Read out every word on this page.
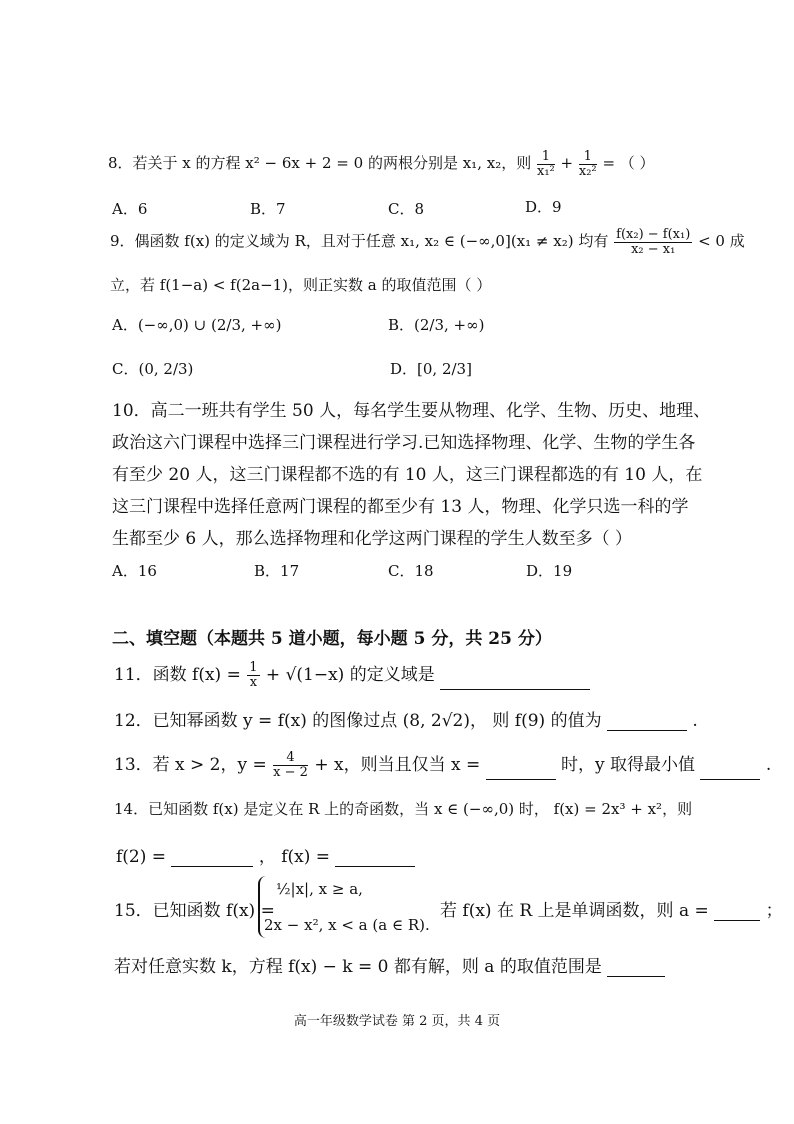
8．若关于 x 的方程 x² − 6x + 2 = 0 的两根分别是 x₁, x₂，则 $\frac{1}{\text{x₁²}} + \frac{1}{\text{x₂²}}$ = （ ）
A．6	B．7	C．8	D．9
9．偶函数 f(x) 的定义域为 R，且对于任意 x₁, x₂ ∈ (−∞,0](x₁ ≠ x₂) 均有 $\frac{\text{f(x₂) − f(x₁)}}{\text{x₂ − x₁}} < 0$ 成
立，若 f(1−a) < f(2a−1)，则正实数 a 的取值范围（ ）
A．(−∞,0) ∪ (2/3, +∞)	B．(2/3, +∞)
C．(0, 2/3)	D．[0, 2/3]
10．高二一班共有学生 50 人，每名学生要从物理、化学、生物、历史、地理、
政治这六门课程中选择三门课程进行学习.已知选择物理、化学、生物的学生各
有至少 20 人，这三门课程都不选的有 10 人，这三门课程都选的有 10 人，在
这三门课程中选择任意两门课程的都至少有 13 人，物理、化学只选一科的学
生都至少 6 人，那么选择物理和化学这两门课程的学生人数至多（ ）
A．16	B．17	C．18	D．19
二、填空题（本题共 5 道小题，每小题 5 分，共 25 分）
11．函数 $f(x) = \frac{1}{x} + √(1-x)$ 的定义域是
12．已知幂函数 y = f(x) 的图像过点 (8, 2√2)， 则 f(9) 的值为	.
13．若 x > 2，$y = \frac{4}{x - 2} + x$，则当且仅当 x =	时，y 取得最小值	.
14．已知函数 f(x) 是定义在 R 上的奇函数，当 x ∈ (−∞,0) 时， f(x) = 2x³ + x²，则
f(2) =	， f(x) =
15．已知函数 f(x) =
½|x|, x ≥ a,
2x − x², x < a (a ∈ R).
若 f(x) 在 R 上是单调函数，则 a =	；
若对任意实数 k，方程 f(x) − k = 0 都有解，则 a 的取值范围是
高一年级数学试卷 第 2 页，共 4 页
